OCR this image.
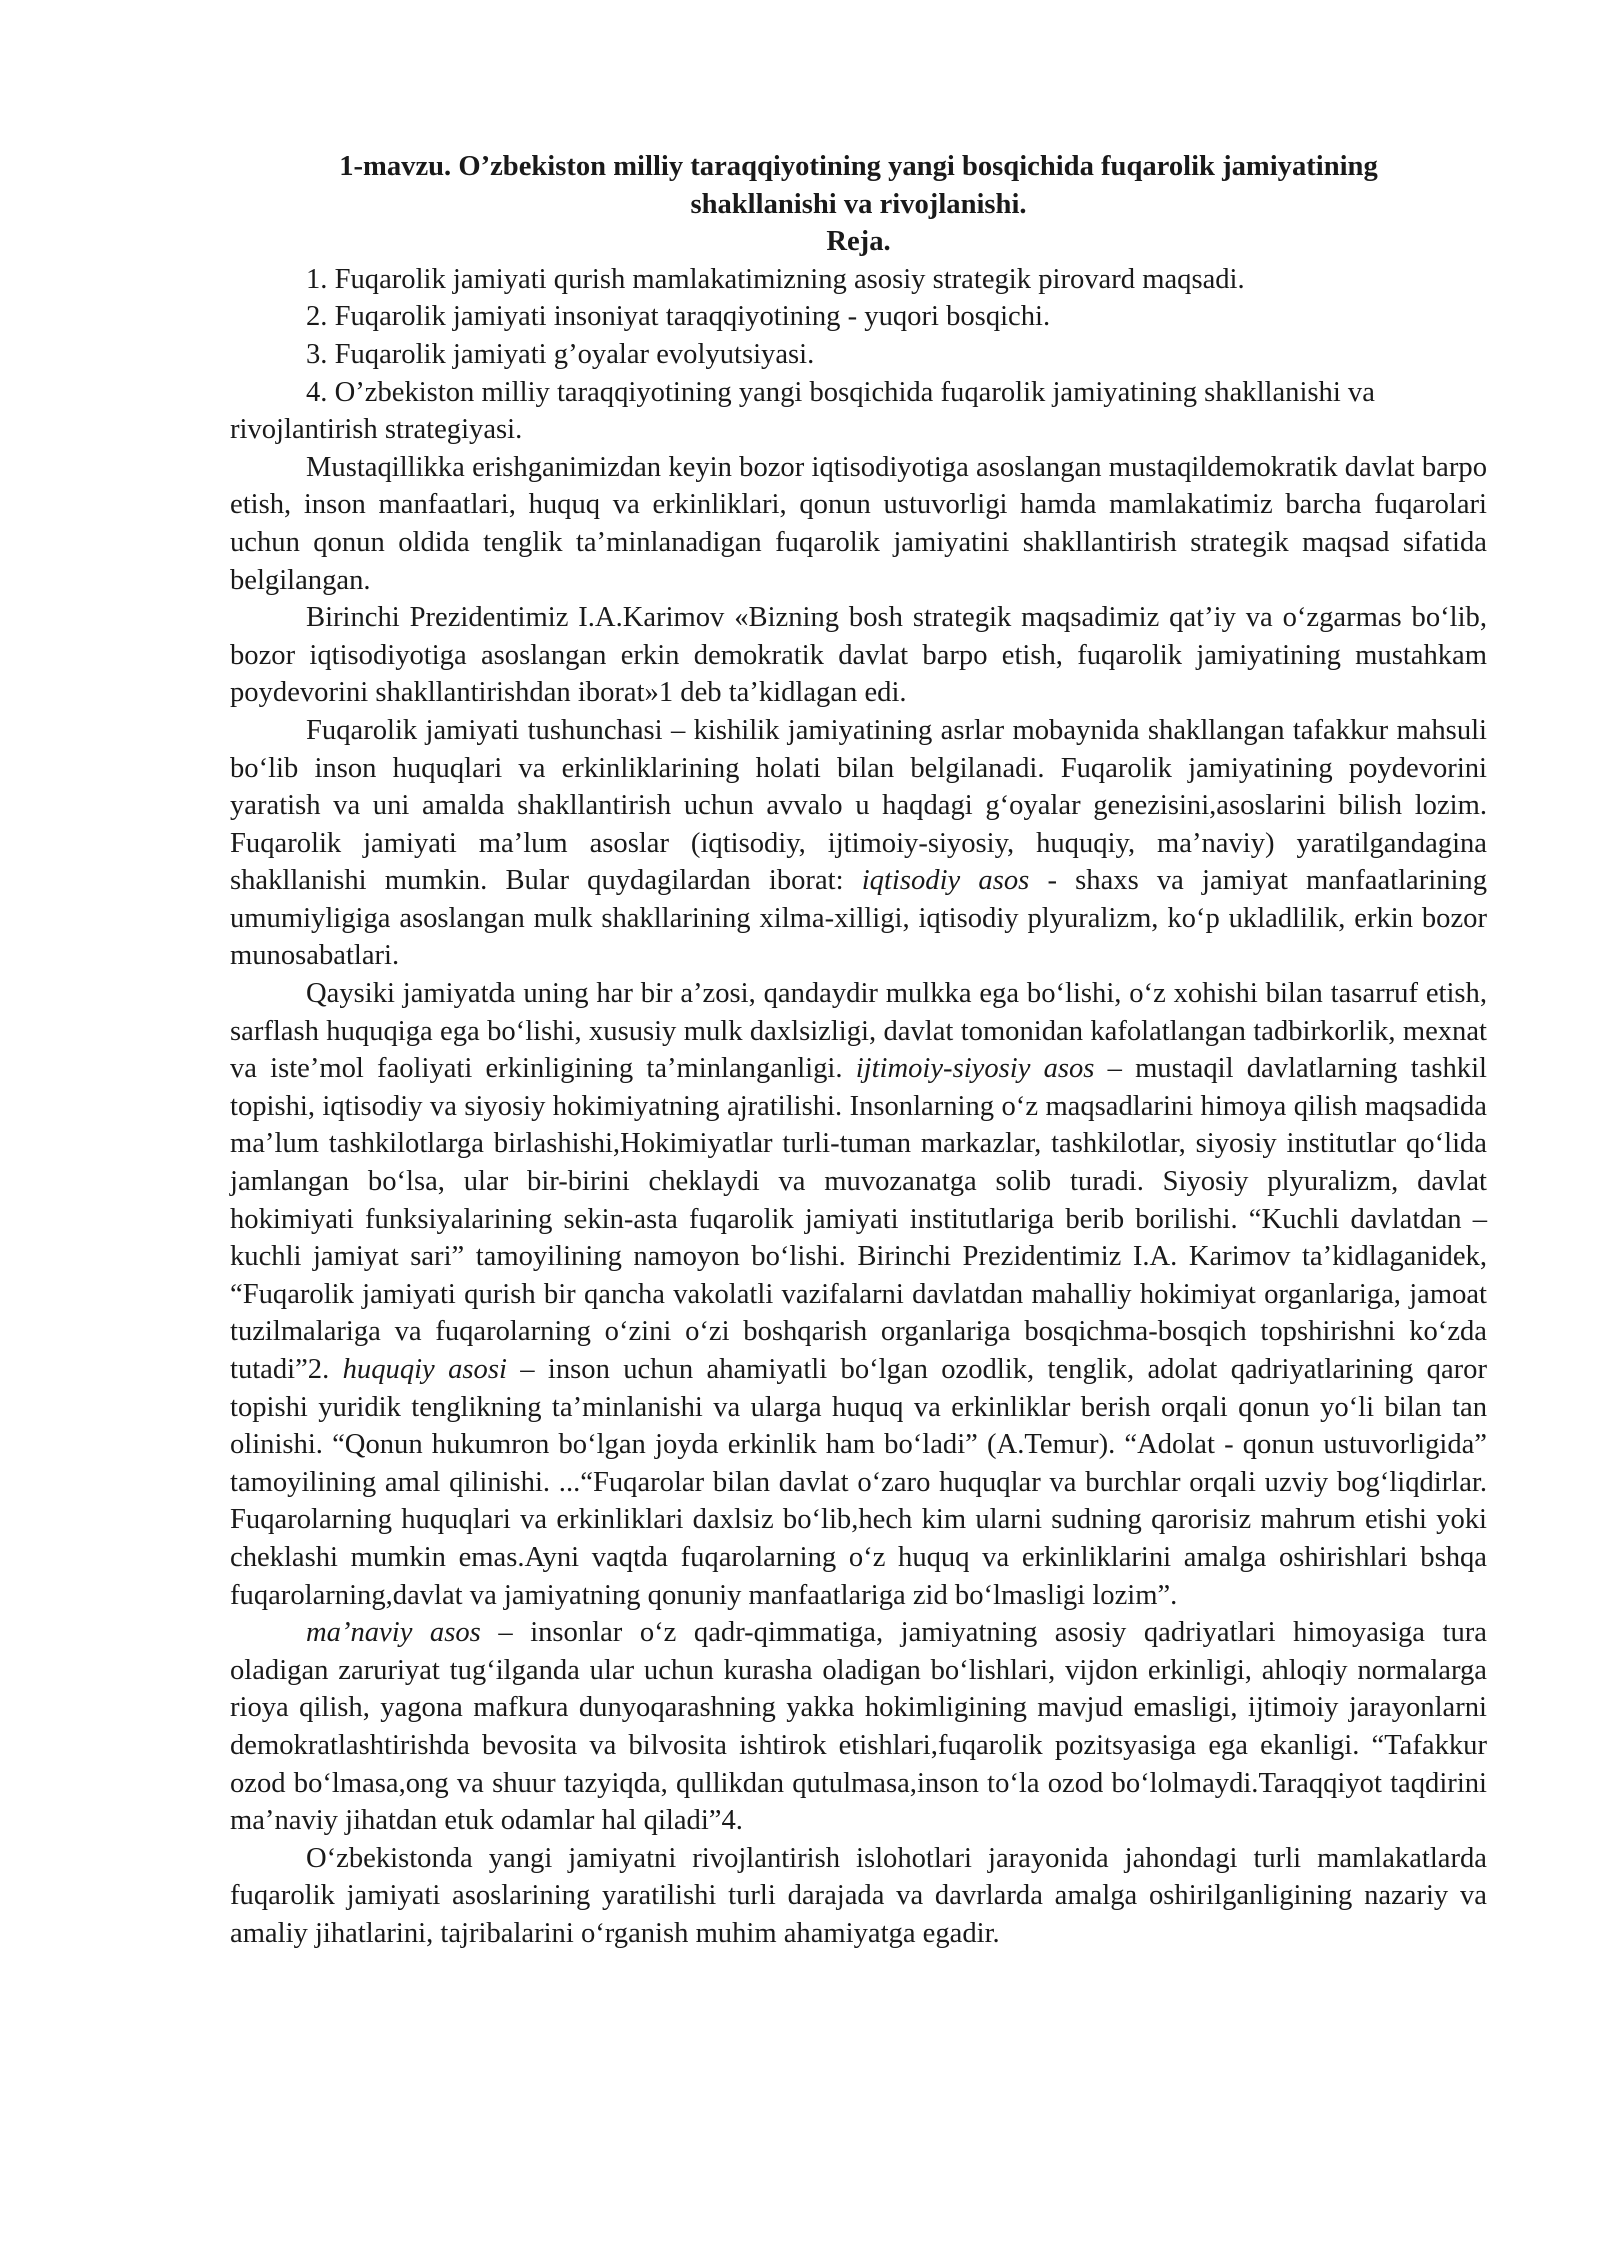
1-mavzu. O’zbekiston milliy taraqqiyotining yangi bosqichida fuqarolik jamiyatining
shakllanishi va rivojlanishi.
Reja.
1. Fuqarolik jamiyati qurish mamlakatimizning asosiy strategik pirovard maqsadi.
2. Fuqarolik jamiyati insoniyat taraqqiyotining - yuqori bosqichi.
3. Fuqarolik jamiyati g’oyalar evolyutsiyasi.
4. O’zbekiston milliy taraqqiyotining yangi bosqichida fuqarolik jamiyatining shakllanishi va rivojlantirish strategiyasi.

Mustaqillikka erishganimizdan keyin bozor iqtisodiyotiga asoslangan mustaqildemokratik davlat barpo etish, inson manfaatlari, huquq va erkinliklari, qonun ustuvorligi hamda mamlakatimiz barcha fuqarolari uchun qonun oldida tenglik ta’minlanadigan fuqarolik jamiyatini shakllantirish strategik maqsad sifatida belgilangan.

Birinchi Prezidentimiz I.A.Karimov «Bizning bosh strategik maqsadimiz qat’iy va o‘zgarmas bo‘lib, bozor iqtisodiyotiga asoslangan erkin demokratik davlat barpo etish, fuqarolik jamiyatining mustahkam poydevorini shakllantirishdan iborat»1 deb ta’kidlagan edi.

Fuqarolik jamiyati tushunchasi – kishilik jamiyatining asrlar mobaynida shakllangan tafakkur mahsuli bo‘lib inson huquqlari va erkinliklarining holati bilan belgilanadi. Fuqarolik jamiyatining poydevorini yaratish va uni amalda shakllantirish uchun avvalo u haqdagi g‘oyalar genezisini,asoslarini bilish lozim. Fuqarolik jamiyati ma’lum asoslar (iqtisodiy, ijtimoiy-siyosiy, huquqiy, ma’naviy) yaratilgandagina shakllanishi mumkin. Bular quydagilardan iborat: iqtisodiy asos - shaxs va jamiyat manfaatlarining umumiyligiga asoslangan mulk shakllarining xilma-xilligi, iqtisodiy plyuralizm, ko‘p ukladlilik, erkin bozor munosabatlari.

Qaysiki jamiyatda uning har bir a’zosi, qandaydir mulkka ega bo‘lishi, o‘z xohishi bilan tasarruf etish, sarflash huquqiga ega bo‘lishi, xususiy mulk daxlsizligi, davlat tomonidan kafolatlangan tadbirkorlik, mexnat va iste’mol faoliyati erkinligining ta’minlanganligi. ijtimoiy-siyosiy asos – mustaqil davlatlarning tashkil topishi, iqtisodiy va siyosiy hokimiyatning ajratilishi. Insonlarning o‘z maqsadlarini himoya qilish maqsadida ma’lum tashkilotlarga birlashishi,Hokimiyatlar turli-tuman markazlar, tashkilotlar, siyosiy institutlar qo‘lida jamlangan bo‘lsa, ular bir-birini cheklaydi va muvozanatga solib turadi. Siyosiy plyuralizm, davlat hokimiyati funksiyalarining sekin-asta fuqarolik jamiyati institutlariga berib borilishi. “Kuchli davlatdan – kuchli jamiyat sari” tamoyilining namoyon bo‘lishi. Birinchi Prezidentimiz I.A. Karimov ta’kidlaganidek, “Fuqarolik jamiyati qurish bir qancha vakolatli vazifalarni davlatdan mahalliy hokimiyat organlariga, jamoat tuzilmalariga va fuqarolarning o‘zini o‘zi boshqarish organlariga bosqichma-bosqich topshirishni ko‘zda tutadi”2. huquqiy asosi – inson uchun ahamiyatli bo‘lgan ozodlik, tenglik, adolat qadriyatlarining qaror topishi yuridik tenglikning ta’minlanishi va ularga huquq va erkinliklar berish orqali qonun yo‘li bilan tan olinishi. “Qonun hukumron bo‘lgan joyda erkinlik ham bo‘ladi” (A.Temur). “Adolat - qonun ustuvorligida” tamoyilining amal qilinishi. ...“Fuqarolar bilan davlat o‘zaro huquqlar va burchlar orqali uzviy bog‘liqdirlar. Fuqarolarning huquqlari va erkinliklari daxlsiz bo‘lib,hech kim ularni sudning qarorisiz mahrum etishi yoki cheklashi mumkin emas.Ayni vaqtda fuqarolarning o‘z huquq va erkinliklarini amalga oshirishlari bshqa fuqarolarning,davlat va jamiyatning qonuniy manfaatlariga zid bo‘lmasligi lozim”.

ma’naviy asos – insonlar o‘z qadr-qimmatiga, jamiyatning asosiy qadriyatlari himoyasiga tura oladigan zaruriyat tug‘ilganda ular uchun kurasha oladigan bo‘lishlari, vijdon erkinligi, ahloqiy normalarga rioya qilish, yagona mafkura dunyoqarashning yakka hokimligining mavjud emasligi, ijtimoiy jarayonlarni demokratlashtirishda bevosita va bilvosita ishtirok etishlari,fuqarolik pozitsyasiga ega ekanligi. “Tafakkur ozod bo‘lmasa,ong va shuur tazyiqda, qullikdan qutulmasa,inson to‘la ozod bo‘lolmaydi.Taraqqiyot taqdirini ma’naviy jihatdan etuk odamlar hal qiladi”4.

O‘zbekistonda yangi jamiyatni rivojlantirish islohotlari jarayonida jahondagi turli mamlakatlarda fuqarolik jamiyati asoslarining yaratilishi turli darajada va davrlarda amalga oshirilganligining nazariy va amaliy jihatlarini, tajribalarini o‘rganish muhim ahamiyatga egadir.
